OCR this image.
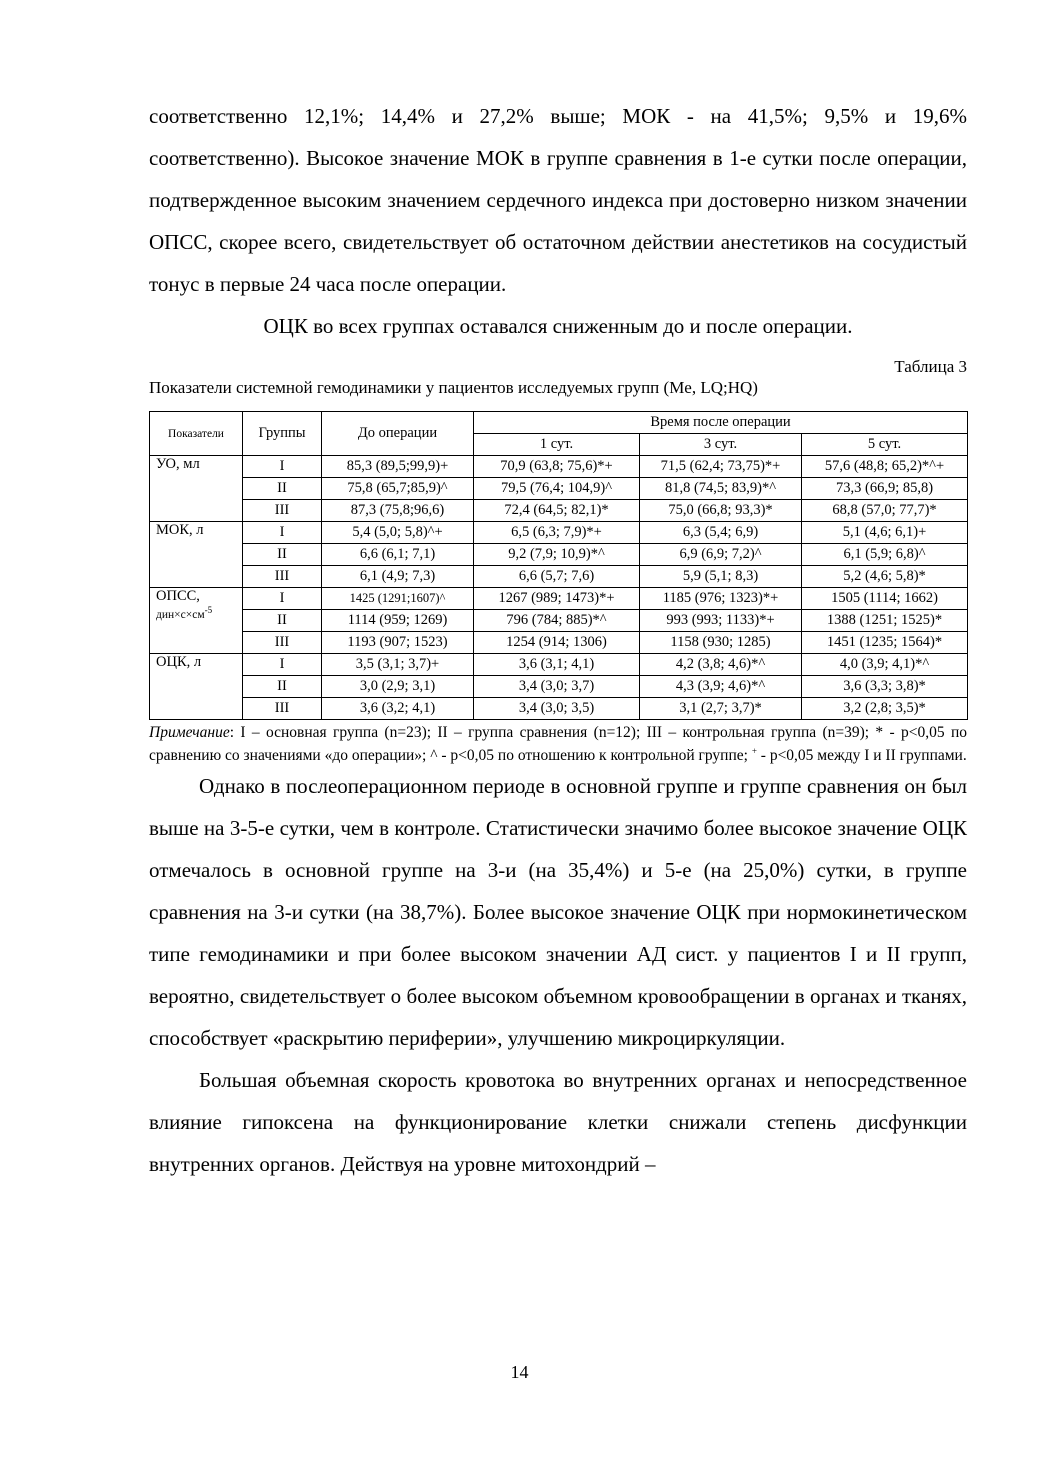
соответственно 12,1%; 14,4% и 27,2% выше; МОК - на 41,5%; 9,5% и 19,6% соответственно). Высокое значение МОК в группе сравнения в 1-е сутки после операции, подтвержденное высоким значением сердечного индекса при достоверно низком значении ОПСС, скорее всего, свидетельствует об остаточном действии анестетиков на сосудистый тонус в первые 24 часа после операции.

ОЦК во всех группах оставался сниженным до и после операции.

Таблица 3
Показатели системной гемодинамики у пациентов исследуемых групп (Me, LQ;HQ)
Показатели	Группы	До операции	Время после операции		
			1 сут.	3 сут.	5 сут.

УО, мл	I	85,3 (89,5;99,9)+	70,9 (63,8; 75,6)*+	71,5 (62,4; 73,75)*+	57,6 (48,8; 65,2)*^+
	II	75,8 (65,7;85,9)^	79,5 (76,4; 104,9)^	81,8 (74,5; 83,9)*^	73,3 (66,9; 85,8)
	III	87,3 (75,8;96,6)	72,4 (64,5; 82,1)*	75,0 (66,8; 93,3)*	68,8 (57,0; 77,7)*

МОК, л	I	5,4 (5,0; 5,8)^+	6,5 (6,3; 7,9)*+	6,3 (5,4; 6,9)	5,1 (4,6; 6,1)+
	II	6,6 (6,1; 7,1)	9,2 (7,9; 10,9)*^	6,9 (6,9; 7,2)^	6,1 (5,9; 6,8)^
	III	6,1 (4,9; 7,3)	6,6 (5,7; 7,6)	5,9 (5,1; 8,3)	5,2 (4,6; 5,8)*

ОПСС,
$дин\times с\times см^{-5}$	I	1425 (1291;1607)^	1267 (989; 1473)*+	1185 (976; 1323)*+	1505 (1114; 1662)
	II	1114 (959; 1269)	796 (784; 885)*^	993 (993; 1133)*+	1388 (1251; 1525)*
	III	1193 (907; 1523)	1254 (914; 1306)	1158 (930; 1285)	1451 (1235; 1564)*

ОЦК, л	I	3,5 (3,1; 3,7)+	3,6 (3,1; 4,1)	4,2 (3,8; 4,6)*^	4,0 (3,9; 4,1)*^
	II	3,0 (2,9; 3,1)	3,4 (3,0; 3,7)	4,3 (3,9; 4,6)*^	3,6 (3,3; 3,8)*
	III	3,6 (3,2; 4,1)	3,4 (3,0; 3,5)	3,1 (2,7; 3,7)*	3,2 (2,8; 3,5)*
Примечание: I – основная группа (n=23); II – группа сравнения (n=12); III – контрольная группа (n=39); * - p<0,05 по сравнению со значениями «до операции»; ^ - p<0,05 по отношению к контрольной группе; + - p<0,05 между I и II группами.

Однако в послеоперационном периоде в основной группе и группе сравнения он был выше на 3-5-е сутки, чем в контроле. Статистически значимо более высокое значение ОЦК отмечалось в основной группе на 3-и (на 35,4%) и 5-е (на 25,0%) сутки, в группе сравнения на 3-и сутки (на 38,7%). Более высокое значение ОЦК при нормокинетическом типе гемодинамики и при более высоком значении АД сист. у пациентов I и II групп, вероятно, свидетельствует о более высоком объемном кровообращении в органах и тканях, способствует «раскрытию периферии», улучшению микроциркуляции.

Большая объемная скорость кровотока во внутренних органах и непосредственное влияние гипоксена на функционирование клетки снижали степень дисфункции внутренних органов. Действуя на уровне митохондрий –

14
